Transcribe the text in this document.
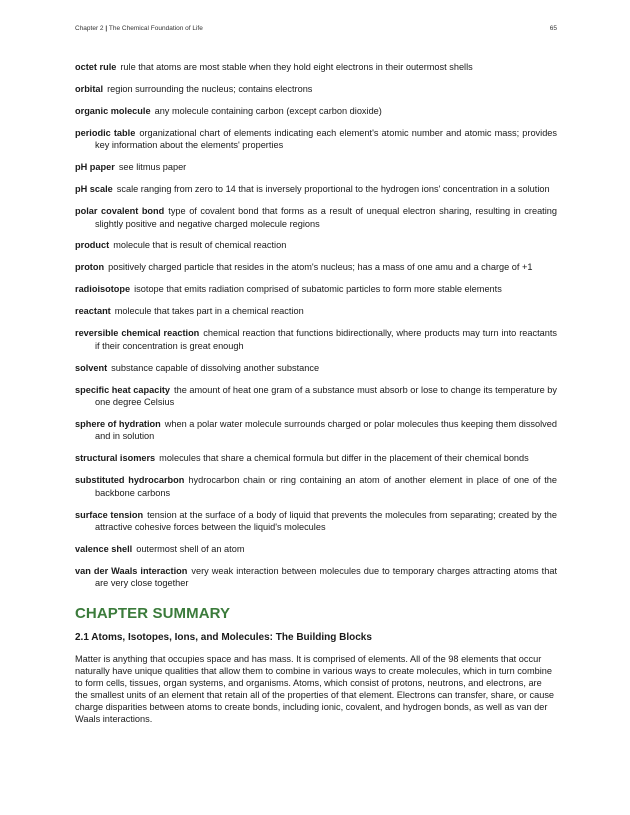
Chapter 2 | The Chemical Foundation of Life	65

octet rule rule that atoms are most stable when they hold eight electrons in their outermost shells

orbital region surrounding the nucleus; contains electrons

organic molecule any molecule containing carbon (except carbon dioxide)

periodic table organizational chart of elements indicating each element's atomic number and atomic mass; provides key information about the elements' properties

pH paper see litmus paper

pH scale scale ranging from zero to 14 that is inversely proportional to the hydrogen ions' concentration in a solution

polar covalent bond type of covalent bond that forms as a result of unequal electron sharing, resulting in creating slightly positive and negative charged molecule regions

product molecule that is result of chemical reaction

proton positively charged particle that resides in the atom's nucleus; has a mass of one amu and a charge of +1

radioisotope isotope that emits radiation comprised of subatomic particles to form more stable elements

reactant molecule that takes part in a chemical reaction

reversible chemical reaction chemical reaction that functions bidirectionally, where products may turn into reactants if their concentration is great enough

solvent substance capable of dissolving another substance

specific heat capacity the amount of heat one gram of a substance must absorb or lose to change its temperature by one degree Celsius

sphere of hydration when a polar water molecule surrounds charged or polar molecules thus keeping them dissolved and in solution

structural isomers molecules that share a chemical formula but differ in the placement of their chemical bonds

substituted hydrocarbon hydrocarbon chain or ring containing an atom of another element in place of one of the backbone carbons

surface tension tension at the surface of a body of liquid that prevents the molecules from separating; created by the attractive cohesive forces between the liquid's molecules

valence shell outermost shell of an atom

van der Waals interaction very weak interaction between molecules due to temporary charges attracting atoms that are very close together

CHAPTER SUMMARY
2.1 Atoms, Isotopes, Ions, and Molecules: The Building Blocks

Matter is anything that occupies space and has mass. It is comprised of elements. All of the 98 elements that occur naturally have unique qualities that allow them to combine in various ways to create molecules, which in turn combine to form cells, tissues, organ systems, and organisms. Atoms, which consist of protons, neutrons, and electrons, are the smallest units of an element that retain all of the properties of that element. Electrons can transfer, share, or cause charge disparities between atoms to create bonds, including ionic, covalent, and hydrogen bonds, as well as van der Waals interactions.
